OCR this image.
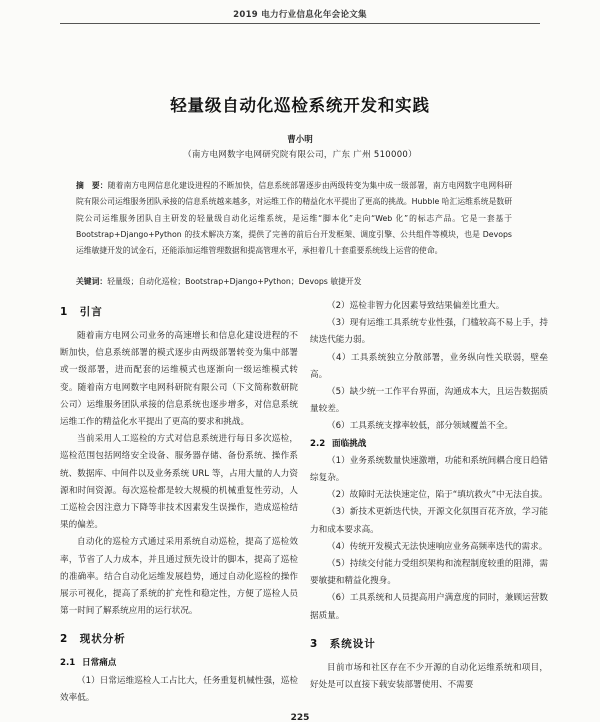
2019 电力行业信息化年会论文集
轻量级自动化巡检系统开发和实践
曹小明
（南方电网数字电网研究院有限公司，广东 广州 510000）
摘　要：随着南方电网信息化建设进程的不断加快，信息系统部署逐步由两级转变为集中成一级部署，南方电网数字电网科研院有限公司运维服务团队承接的信息系统越来越多，对运维工作的精益化水平提出了更高的挑战。Hubble 哈汇运维系统是数研院公司运维服务团队自主研发的轻量级自动化运维系统，是运维“脚本化”走向“Web 化”的标志产品。它是一套基于 Bootstrap+Django+Python 的技术解决方案，提供了完善的前后台开发框架、调度引擎、公共组件等模块，也是 Devops 运维敏捷开发的试金石，还能添加运维管理数据和提高管理水平，承担着几十套重要系统线上运营的使命。
关键词：轻量级；自动化巡检；Bootstrap+Django+Python；Devops 敏捷开发
1　引言

随着南方电网公司业务的高速增长和信息化建设进程的不断加快，信息系统部署的模式逐步由两级部署转变为集中部署或一级部署，进而配套的运维模式也逐渐向一级运维模式转变。随着南方电网数字电网科研院有限公司（下文简称数研院公司）运维服务团队承接的信息系统也逐步增多，对信息系统运维工作的精益化水平提出了更高的要求和挑战。

当前采用人工巡检的方式对信息系统进行每日多次巡检，巡检范围包括网络安全设备、服务器存储、备份系统、操作系统、数据库、中间件以及业务系统 URL 等，占用大量的人力资源和时间资源。每次巡检都是较大规模的机械重复性劳动，人工巡检会因注意力下降等非技术因素发生误操作，造成巡检结果的偏差。

自动化的巡检方式通过采用系统自动巡检，提高了巡检效率，节省了人力成本，并且通过预先设计的脚本，提高了巡检的准确率。结合自动化运维发展趋势，通过自动化巡检的操作展示可视化，提高了系统的扩充性和稳定性，方便了巡检人员第一时间了解系统应用的运行状况。

2　现状分析
2.1 日常痛点

（1）日常运维巡检人工占比大，任务重复机械性强，巡检效率低。

（2）巡检非智力化因素导致结果偏差比重大。

（3）现有运维工具系统专业性强，门槛较高不易上手，持续迭代能力弱。

（4）工具系统独立分散部署，业务纵向性关联弱，壁垒高。

（5）缺少统一工作平台界面，沟通成本大，且运告数据质量较差。

（6）工具系统支撑率较低，部分领域覆盖不全。

2.2 面临挑战

（1）业务系统数量快速激增，功能和系统间耦合度日趋错综复杂。

（2）故障时无法快速定位，陷于“填坑救火”中无法自拔。

（3）新技术更新迭代快，开源文化氛围百花齐放，学习能力和成本要求高。

（4）传统开发模式无法快速响应业务高频率迭代的需求。

（5）持续交付能力受组织架构和流程制度较重的阻滞，需要敏捷和精益化搜身。

（6）工具系统和人员提高用户满意度的同时，兼顾运营数据质量。

3　系统设计

目前市场和社区存在不少开源的自动化运维系统和项目，好处是可以直接下载安装部署使用、不需要

225
